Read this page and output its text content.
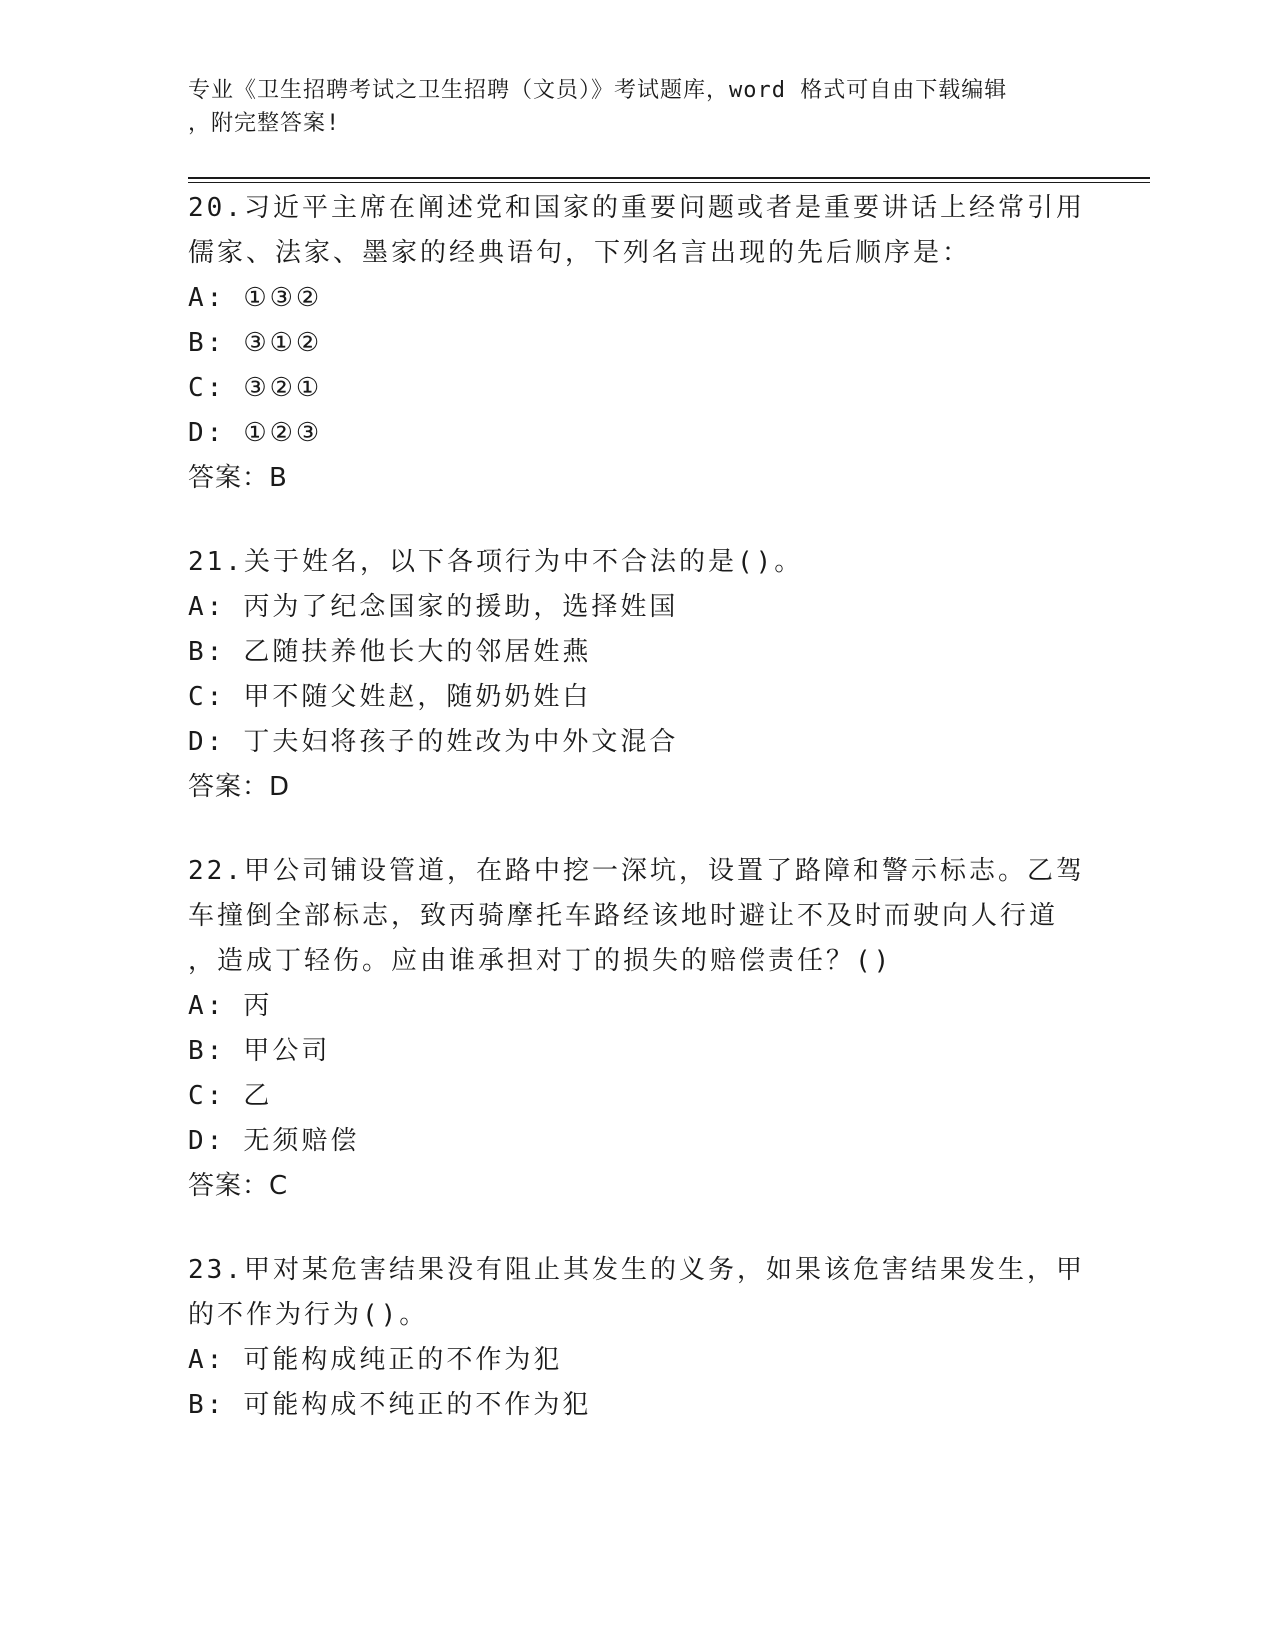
专业《卫生招聘考试之卫生招聘（文员）》考试题库，word 格式可自由下载编辑
，附完整答案!

20.习近平主席在阐述党和国家的重要问题或者是重要讲话上经常引用

儒家、法家、墨家的经典语句，下列名言出现的先后顺序是：

A: ①③②
B: ③①②
C: ③②①
D: ①②③

答案：B

21.关于姓名，以下各项行为中不合法的是()。

A: 丙为了纪念国家的援助，选择姓国
B: 乙随扶养他长大的邻居姓燕
C: 甲不随父姓赵，随奶奶姓白
D: 丁夫妇将孩子的姓改为中外文混合

答案：D

22.甲公司铺设管道，在路中挖一深坑，设置了路障和警示标志。乙驾

车撞倒全部标志，致丙骑摩托车路经该地时避让不及时而驶向人行道

，造成丁轻伤。应由谁承担对丁的损失的赔偿责任？()

A: 丙
B: 甲公司
C: 乙
D: 无须赔偿

答案：C

23.甲对某危害结果没有阻止其发生的义务，如果该危害结果发生，甲

的不作为行为()。

A: 可能构成纯正的不作为犯
B: 可能构成不纯正的不作为犯
